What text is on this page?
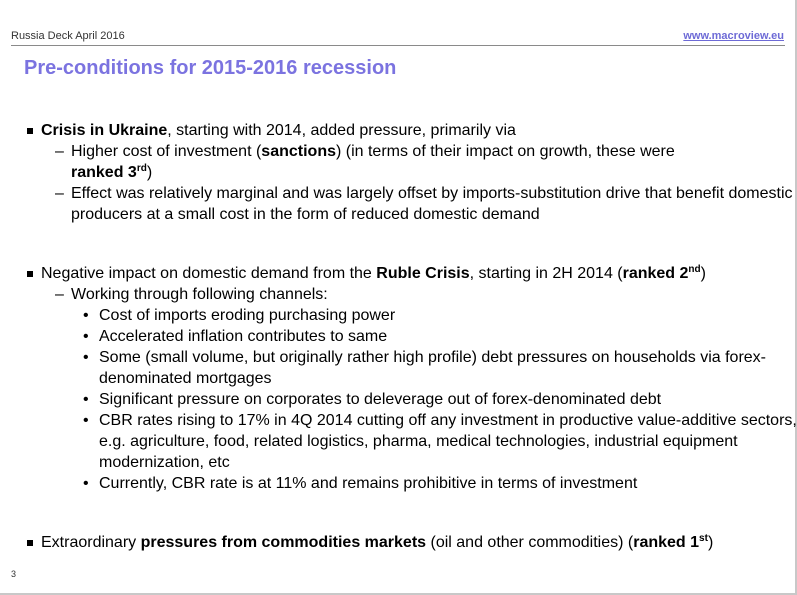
Russia Deck April 2016	www.macroview.eu
Pre-conditions for 2015-2016 recession

Crisis in Ukraine, starting with 2014, added pressure, primarily via

– Higher cost of investment (sanctions) (in terms of their impact on growth, these were
ranked 3rd)

– Effect was relatively marginal and was largely offset by imports-substitution drive that benefit domestic producers at a small cost in the form of reduced domestic demand

Negative impact on domestic demand from the Ruble Crisis, starting in 2H 2014 (ranked 2nd)

– Working through following channels:

• Cost of imports eroding purchasing power

• Accelerated inflation contributes to same

• Some (small volume, but originally rather high profile) debt pressures on households via forex-denominated mortgages

• Significant pressure on corporates to deleverage out of forex-denominated debt

• CBR rates rising to 17% in 4Q 2014 cutting off any investment in productive value-additive sectors, e.g. agriculture, food, related logistics, pharma, medical technologies, industrial equipment modernization, etc

• Currently, CBR rate is at 11% and remains prohibitive in terms of investment

Extraordinary pressures from commodities markets (oil and other commodities) (ranked 1st)

3
